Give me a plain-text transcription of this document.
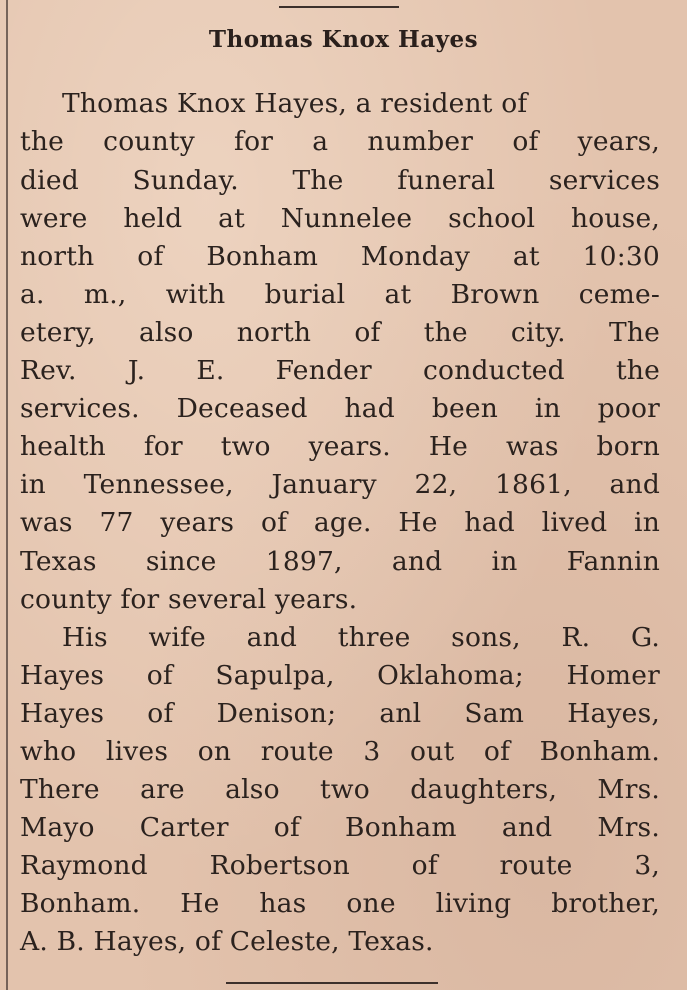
Thomas Knox Hayes
Thomas Knox Hayes, a resident of
the county for a number of years,
died Sunday. The funeral services
were held at Nunnelee school house,
north of Bonham Monday at 10:30
a. m., with burial at Brown ceme-
etery, also north of the city. The
Rev. J. E. Fender conducted the
services. Deceased had been in poor
health for two years. He was born
in Tennessee, January 22, 1861, and
was 77 years of age. He had lived in
Texas since 1897, and in Fannin
county for several years.
His wife and three sons, R. G.
Hayes of Sapulpa, Oklahoma; Homer
Hayes of Denison; anl Sam Hayes,
who lives on route 3 out of Bonham.
There are also two daughters, Mrs.
Mayo Carter of Bonham and Mrs.
Raymond Robertson of route 3,
Bonham. He has one living brother,
A. B. Hayes, of Celeste, Texas.
